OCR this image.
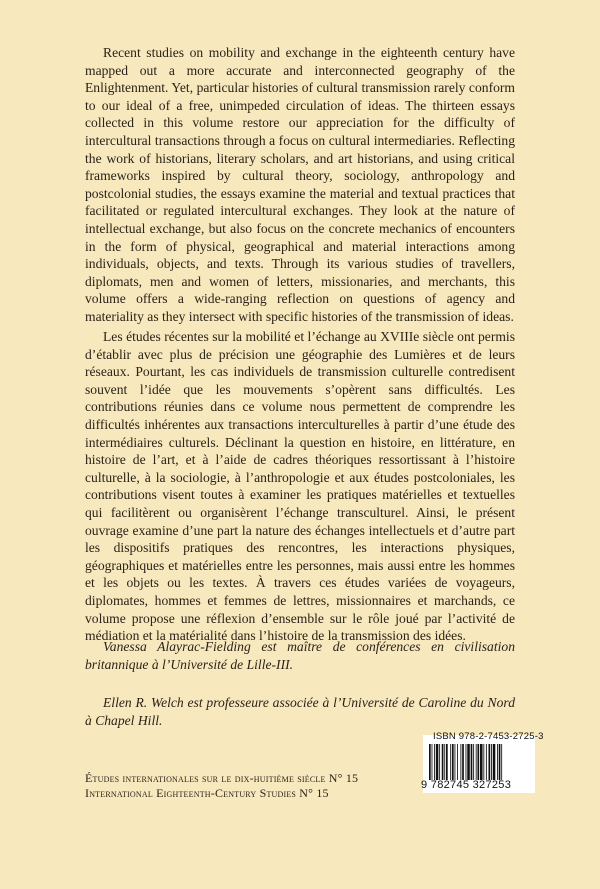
Recent studies on mobility and exchange in the eighteenth century have mapped out a more accurate and interconnected geography of the Enlightenment. Yet, particular histories of cultural transmission rarely conform to our ideal of a free, unimpeded circulation of ideas. The thirteen essays collected in this volume restore our appreciation for the difficulty of intercultural transactions through a focus on cultural intermediaries. Reflecting the work of historians, literary scholars, and art historians, and using critical frameworks inspired by cultural theory, sociology, anthropology and postcolonial studies, the essays examine the material and textual practices that facilitated or regulated intercultural exchanges. They look at the nature of intellectual exchange, but also focus on the concrete mechanics of encounters in the form of physical, geographical and material interactions among individuals, objects, and texts. Through its various studies of travellers, diplomats, men and women of letters, missionaries, and merchants, this volume offers a wide-ranging reflection on questions of agency and materiality as they intersect with specific histories of the transmission of ideas.

Les études récentes sur la mobilité et l’échange au XVIIIe siècle ont permis d’établir avec plus de précision une géographie des Lumières et de leurs réseaux. Pourtant, les cas individuels de transmission culturelle contredisent souvent l’idée que les mouvements s’opèrent sans difficultés. Les contributions réunies dans ce volume nous permettent de comprendre les difficultés inhérentes aux transactions interculturelles à partir d’une étude des intermédiaires culturels. Déclinant la question en histoire, en littérature, en histoire de l’art, et à l’aide de cadres théoriques ressortissant à l’histoire culturelle, à la sociologie, à l’anthropologie et aux études postcoloniales, les contributions visent toutes à examiner les pratiques matérielles et textuelles qui facilitèrent ou organisèrent l’échange transculturel. Ainsi, le présent ouvrage examine d’une part la nature des échanges intellectuels et d’autre part les dispositifs pratiques des rencontres, les interactions physiques, géographiques et matérielles entre les personnes, mais aussi entre les hommes et les objets ou les textes. À travers ces études variées de voyageurs, diplomates, hommes et femmes de lettres, missionnaires et marchands, ce volume propose une réflexion d’ensemble sur le rôle joué par l’activité de médiation et la matérialité dans l’histoire de la transmission des idées.

Vanessa Alayrac-Fielding est maître de conférences en civilisation britannique à l’Université de Lille-III.

Ellen R. Welch est professeure associée à l’Université de Caroline du Nord à Chapel Hill.

Études internationales sur le dix-huitième siècle N° 15
International Eighteenth-Century Studies N° 15
ISBN 978-2-7453-2725-3
9 782745 327253
